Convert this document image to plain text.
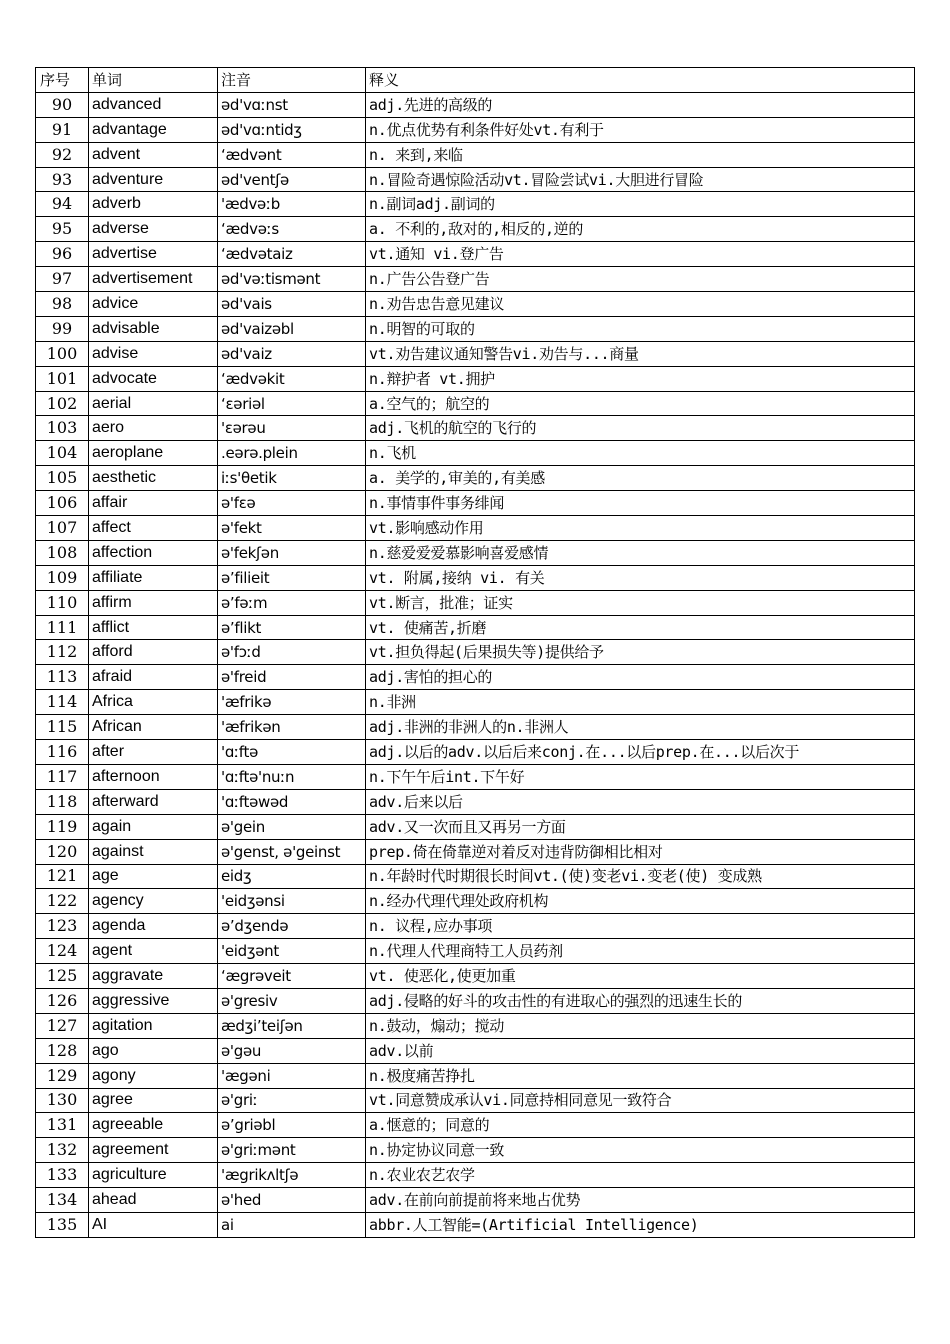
序号	单词	注音	释义
90	advanced	əd'vɑːnst	adj.先进的高级的
91	advantage	əd'vɑːntidʒ	n.优点优势有利条件好处vt.有利于
92	advent	‘ædvənt	n. 来到,来临
93	adventure	əd'ventʃə	n.冒险奇遇惊险活动vt.冒险尝试vi.大胆进行冒险
94	adverb	'ædvəːb	n.副词adj.副词的
95	adverse	‘ædvəːs	a. 不利的,敌对的,相反的,逆的
96	advertise	‘ædvətaiz	vt.通知 vi.登广告
97	advertisement	əd'vəːtismənt	n.广告公告登广告
98	advice	əd'vais	n.劝告忠告意见建议
99	advisable	əd'vaizəbl	n.明智的可取的
100	advise	əd'vaiz	vt.劝告建议通知警告vi.劝告与...商量
101	advocate	‘ædvəkit	n.辩护者 vt.拥护
102	aerial	‘ɛəriəl	a.空气的；航空的
103	aero	'ɛərəu	adj.飞机的航空的飞行的
104	aeroplane	.eərə.plein	n.飞机
105	aesthetic	iːs'θetik	a. 美学的,审美的,有美感
106	affair	ə'fɛə	n.事情事件事务绯闻
107	affect	ə'fekt	vt.影响感动作用
108	affection	ə'fekʃən	n.慈爱爱爱慕影响喜爱感情
109	affiliate	ə’filieit	vt. 附属,接纳 vi. 有关
110	affirm	ə’fəːm	vt.断言，批准；证实
111	afflict	ə’flikt	vt. 使痛苦,折磨
112	afford	ə'fɔːd	vt.担负得起(后果损失等)提供给予
113	afraid	ə'freid	adj.害怕的担心的
114	Africa	'æfrikə	n.非洲
115	African	'æfrikən	adj.非洲的非洲人的n.非洲人
116	after	'ɑːftə	adj.以后的adv.以后后来conj.在...以后prep.在...以后次于
117	afternoon	'ɑːftə'nuːn	n.下午午后int.下午好
118	afterward	'ɑːftəwəd	adv.后来以后
119	again	ə'gein	adv.又一次而且又再另一方面
120	against	ə'genst, ə'geinst	prep.倚在倚靠逆对着反对违背防御相比相对
121	age	eidʒ	n.年龄时代时期很长时间vt.(使)变老vi.变老(使) 变成熟
122	agency	'eidʒənsi	n.经办代理代理处政府机构
123	agenda	ə’dʒendə	n. 议程,应办事项
124	agent	'eidʒənt	n.代理人代理商特工人员药剂
125	aggravate	‘ægrəveit	vt. 使恶化,使更加重
126	aggressive	ə'gresiv	adj.侵略的好斗的攻击性的有进取心的强烈的迅速生长的
127	agitation	ædʒi’teiʃən	n.鼓动，煽动；搅动
128	ago	ə'gəu	adv.以前
129	agony	'ægəni	n.极度痛苦挣扎
130	agree	ə'griː	vt.同意赞成承认vi.同意持相同意见一致符合
131	agreeable	ə’griəbl	a.惬意的；同意的
132	agreement	ə'griːmənt	n.协定协议同意一致
133	agriculture	'ægrikʌltʃə	n.农业农艺农学
134	ahead	ə'hed	adv.在前向前提前将来地占优势
135	AI	ai	abbr.人工智能=(Artificial Intelligence)
